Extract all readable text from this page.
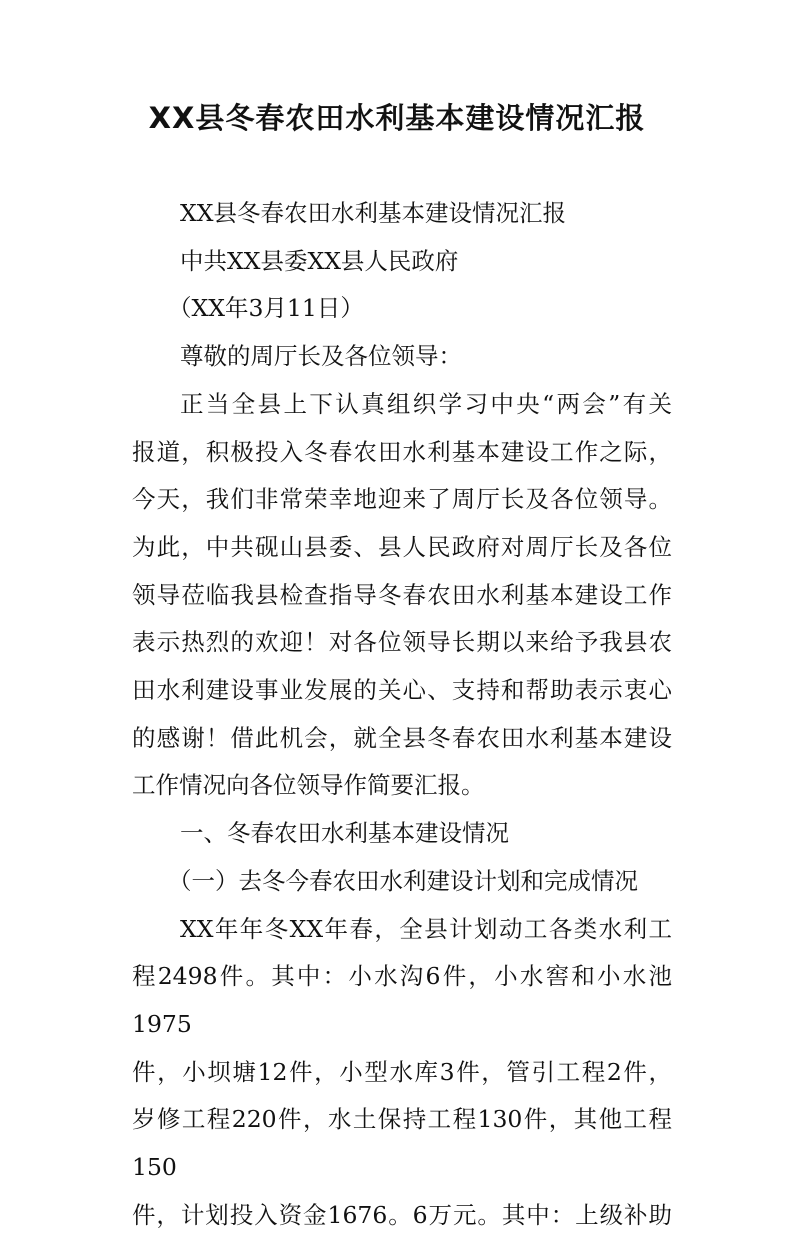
XX县冬春农田水利基本建设情况汇报

XX县冬春农田水利基本建设情况汇报

中共XX县委XX县人民政府

（XX年3月11日）

尊敬的周厅长及各位领导：

正当全县上下认真组织学习中央“两会”有关

报道，积极投入冬春农田水利基本建设工作之际，

今天，我们非常荣幸地迎来了周厅长及各位领导。

为此，中共砚山县委、县人民政府对周厅长及各位

领导莅临我县检查指导冬春农田水利基本建设工作

表示热烈的欢迎！对各位领导长期以来给予我县农

田水利建设事业发展的关心、支持和帮助表示衷心

的感谢！借此机会，就全县冬春农田水利基本建设

工作情况向各位领导作简要汇报。

一、冬春农田水利基本建设情况

（一）去冬今春农田水利建设计划和完成情况

XX年年冬XX年春，全县计划动工各类水利工

程2498件。其中：小水沟6件，小水窖和小水池1975

件，小坝塘12件，小型水库3件，管引工程2件，

岁修工程220件，水土保持工程130件，其他工程150

件，计划投入资金1676。6万元。其中：上级补助
